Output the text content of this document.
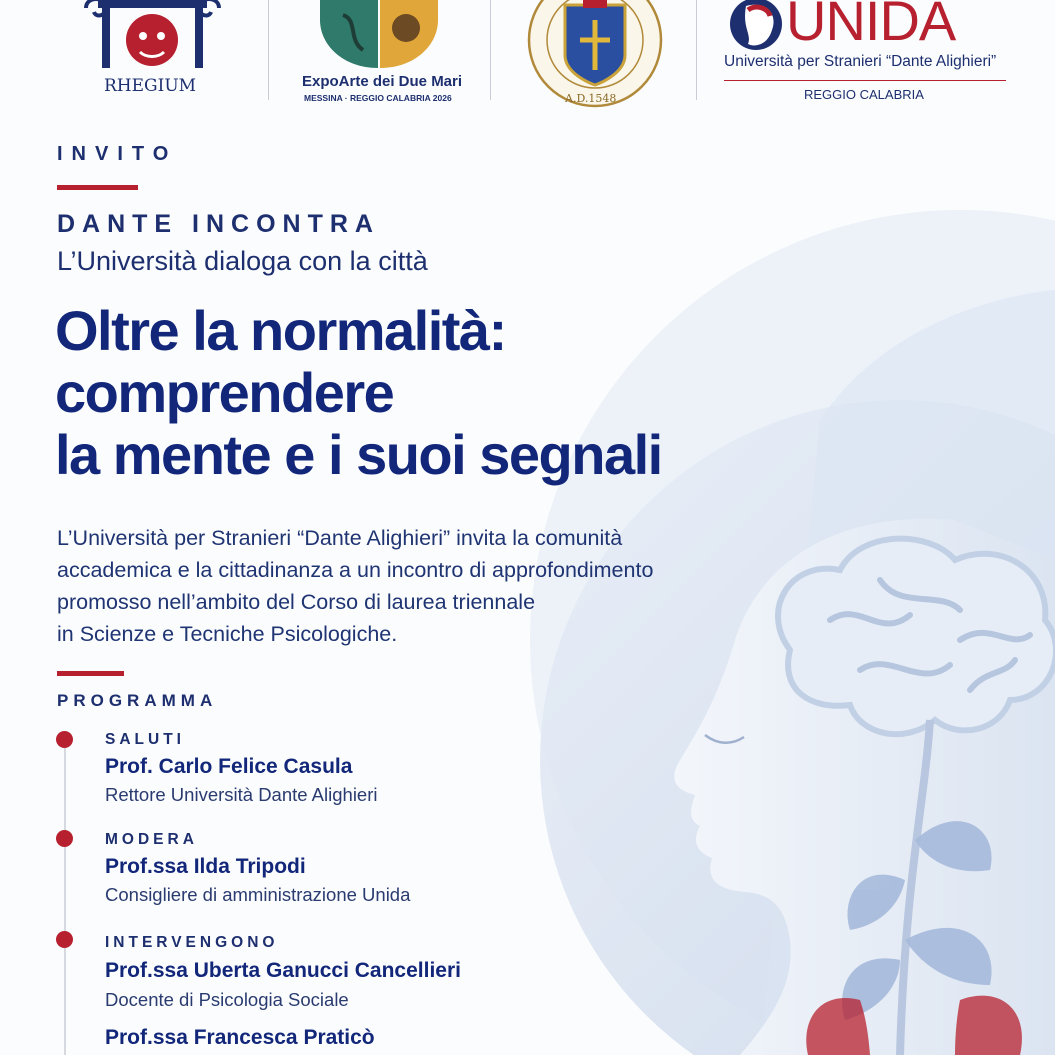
RHEGIUM	ExpoArte dei Due Mari
MESSINA · REGGIO CALABRIA 2026	A.D.1548
UNIDA
Università per Stranieri “Dante Alighieri”
REGGIO CALABRIA
INVITO
DANTE INCONTRA
L’Università dialoga con la città
Oltre la normalità:
comprendere
la mente e i suoi segnali
L’Università per Stranieri “Dante Alighieri” invita la comunità
accademica e la cittadinanza a un incontro di approfondimento
promosso nell’ambito del Corso di laurea triennale
in Scienze e Tecniche Psicologiche.
PROGRAMMA
SALUTI
Prof. Carlo Felice Casula
Rettore Università Dante Alighieri
MODERA
Prof.ssa Ilda Tripodi
Consigliere di amministrazione Unida
INTERVENGONO
Prof.ssa Uberta Ganucci Cancellieri
Docente di Psicologia Sociale
Prof.ssa Francesca Praticò
